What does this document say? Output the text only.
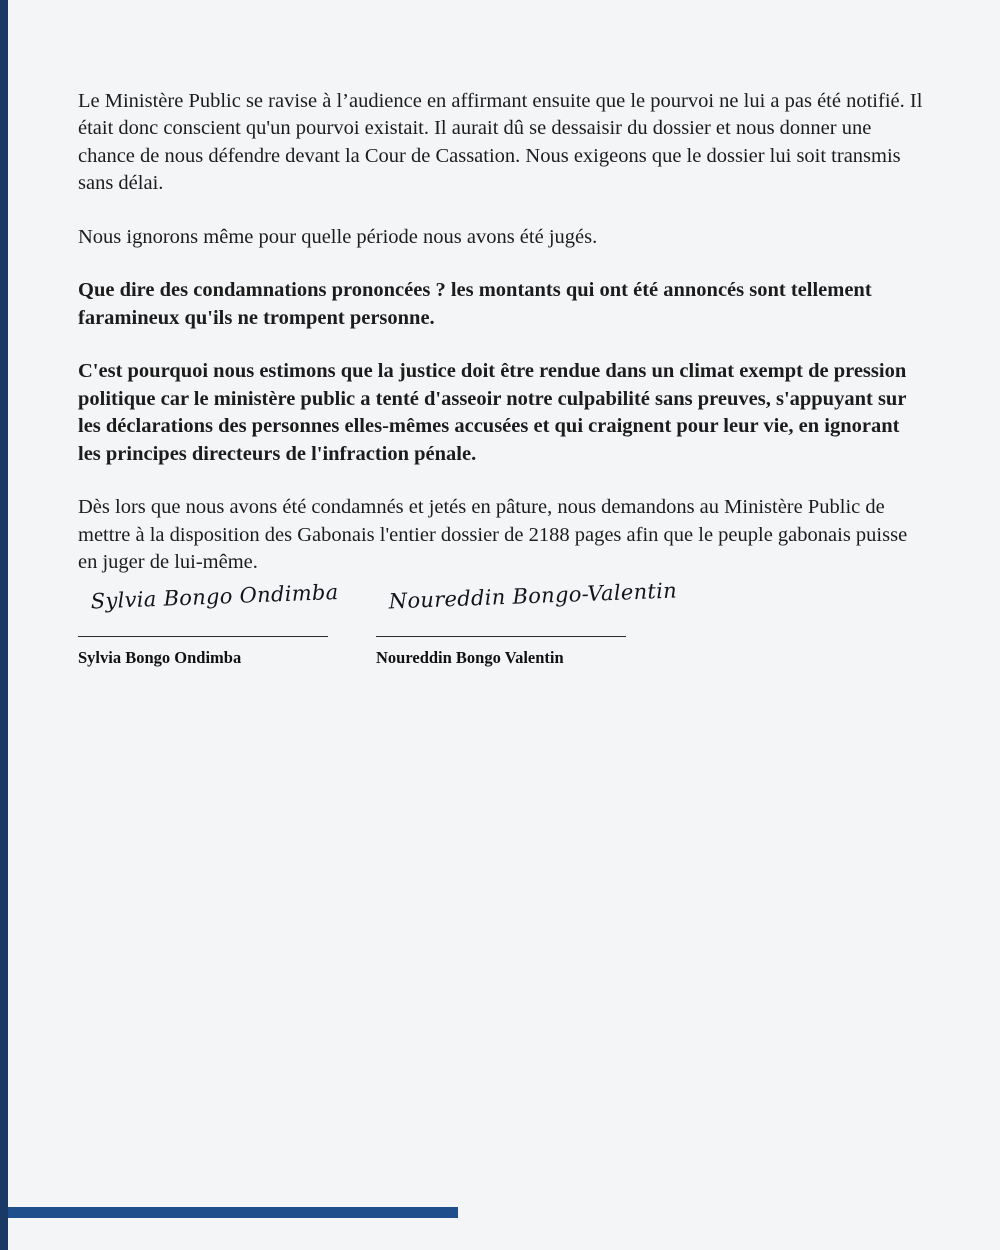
Le Ministère Public se ravise à l’audience en affirmant ensuite que le pourvoi ne lui a pas été notifié. Il était donc conscient qu'un pourvoi existait. Il aurait dû se dessaisir du dossier et nous donner une chance de nous défendre devant la Cour de Cassation. Nous exigeons que le dossier lui soit transmis sans délai.

Nous ignorons même pour quelle période nous avons été jugés.

Que dire des condamnations prononcées ? les montants qui ont été annoncés sont tellement faramineux qu'ils ne trompent personne.

C'est pourquoi nous estimons que la justice doit être rendue dans un climat exempt de pression politique car le ministère public a tenté d'asseoir notre culpabilité sans preuves, s'appuyant sur les déclarations des personnes elles-mêmes accusées et qui craignent pour leur vie, en ignorant les principes directeurs de l'infraction pénale.

Dès lors que nous avons été condamnés et jetés en pâture, nous demandons au Ministère Public de mettre à la disposition des Gabonais l'entier dossier de 2188 pages afin que le peuple gabonais puisse en juger de lui-même.

Sylvia Bongo Ondimba
Sylvia Bongo Ondimba
Noureddin Bongo-Valentin
Noureddin Bongo Valentin
